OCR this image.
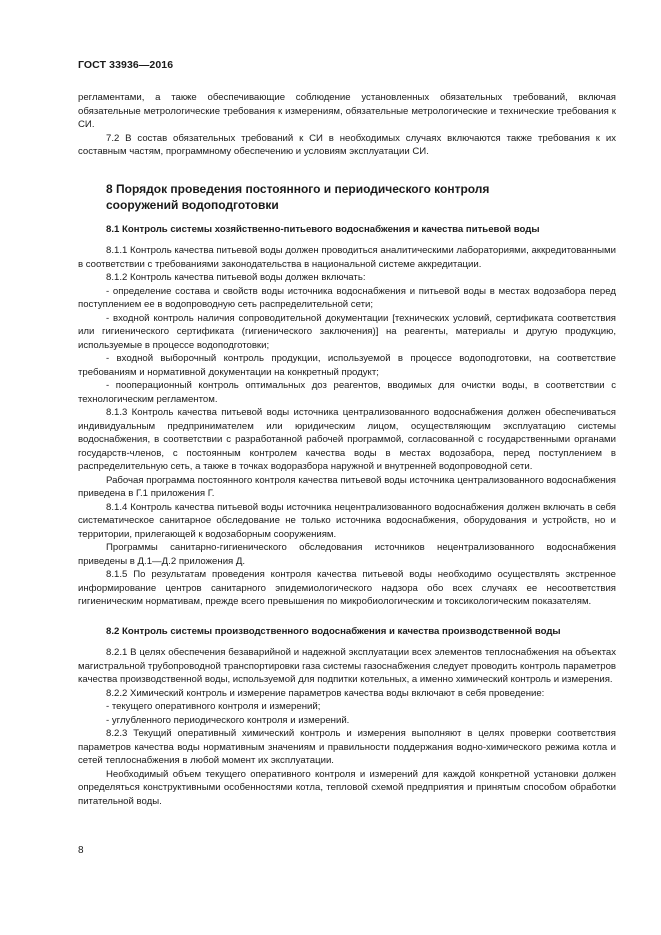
ГОСТ 33936—2016

регламентами, а также обеспечивающие соблюдение установленных обязательных требований, включая обязательные метрологические требования к измерениям, обязательные метрологические и технические требования к СИ.

7.2 В состав обязательных требований к СИ в необходимых случаях включаются также требования к их составным частям, программному обеспечению и условиям эксплуатации СИ.

8 Порядок проведения постоянного и периодического контроля сооружений водоподготовки

8.1 Контроль системы хозяйственно-питьевого водоснабжения и качества питьевой воды

8.1.1 Контроль качества питьевой воды должен проводиться аналитическими лабораториями, аккредитованными в соответствии с требованиями законодательства в национальной системе аккредитации.

8.1.2 Контроль качества питьевой воды должен включать:

- определение состава и свойств воды источника водоснабжения и питьевой воды в местах водозабора перед поступлением ее в водопроводную сеть распределительной сети;

- входной контроль наличия сопроводительной документации [технических условий, сертификата соответствия или гигиенического сертификата (гигиенического заключения)] на реагенты, материалы и другую продукцию, используемые в процессе водоподготовки;

- входной выборочный контроль продукции, используемой в процессе водоподготовки, на соответствие требованиям и нормативной документации на конкретный продукт;

- пооперационный контроль оптимальных доз реагентов, вводимых для очистки воды, в соответствии с технологическим регламентом.

8.1.3 Контроль качества питьевой воды источника централизованного водоснабжения должен обеспечиваться индивидуальным предпринимателем или юридическим лицом, осуществляющим эксплуатацию системы водоснабжения, в соответствии с разработанной рабочей программой, согласованной с государственными органами государств-членов, с постоянным контролем качества воды в местах водозабора, перед поступлением в распределительную сеть, а также в точках водоразбора наружной и внутренней водопроводной сети.

Рабочая программа постоянного контроля качества питьевой воды источника централизованного водоснабжения приведена в Г.1 приложения Г.

8.1.4 Контроль качества питьевой воды источника нецентрализованного водоснабжения должен включать в себя систематическое санитарное обследование не только источника водоснабжения, оборудования и устройств, но и территории, прилегающей к водозаборным сооружениям.

Программы санитарно-гигиенического обследования источников нецентрализованного водоснабжения приведены в Д.1—Д.2 приложения Д.

8.1.5 По результатам проведения контроля качества питьевой воды необходимо осуществлять экстренное информирование центров санитарного эпидемиологического надзора обо всех случаях ее несоответствия гигиеническим нормативам, прежде всего превышения по микробиологическим и токсикологическим показателям.

8.2 Контроль системы производственного водоснабжения и качества производственной воды

8.2.1 В целях обеспечения безаварийной и надежной эксплуатации всех элементов теплоснабжения на объектах магистральной трубопроводной транспортировки газа системы газоснабжения следует проводить контроль параметров качества производственной воды, используемой для подпитки котельных, а именно химический контроль и измерения.

8.2.2 Химический контроль и измерение параметров качества воды включают в себя проведение:

- текущего оперативного контроля и измерений;

- углубленного периодического контроля и измерений.

8.2.3 Текущий оперативный химический контроль и измерения выполняют в целях проверки соответствия параметров качества воды нормативным значениям и правильности поддержания водно-химического режима котла и сетей теплоснабжения в любой момент их эксплуатации.

Необходимый объем текущего оперативного контроля и измерений для каждой конкретной установки должен определяться конструктивными особенностями котла, тепловой схемой предприятия и принятым способом обработки питательной воды.

8
